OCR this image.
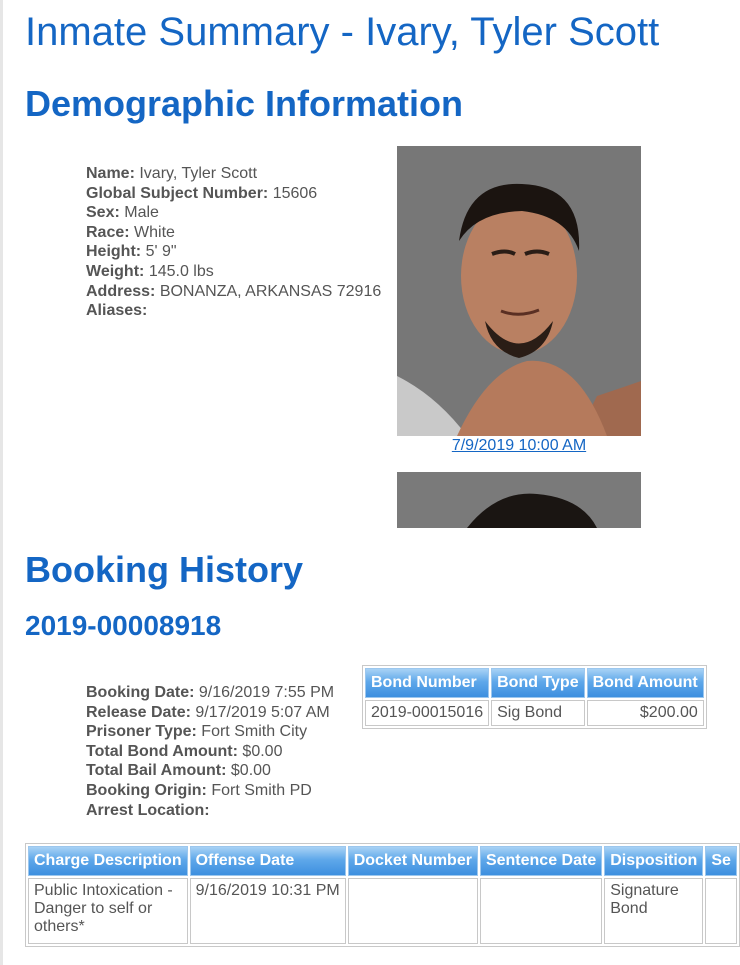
Inmate Summary - Ivary, Tyler Scott
Demographic Information
Name: Ivary, Tyler Scott
Global Subject Number: 15606
Sex: Male
Race: White
Height: 5' 9"
Weight: 145.0 lbs
Address: BONANZA, ARKANSAS 72916
Aliases:
7/9/2019 10:00 AM
Booking History
2019-00008918
Booking Date: 9/16/2019 7:55 PM
Release Date: 9/17/2019 5:07 AM
Prisoner Type: Fort Smith City
Total Bond Amount: $0.00
Total Bail Amount: $0.00
Booking Origin: Fort Smith PD
Arrest Location:
Bond Number	Bond Type	Bond Amount
2019-00015016	Sig Bond	$200.00
Charge Description	Offense Date	Docket Number	Sentence Date	Disposition	Se
Public Intoxication - Danger to self or others*	9/16/2019 10:31 PM			Signature Bond	
